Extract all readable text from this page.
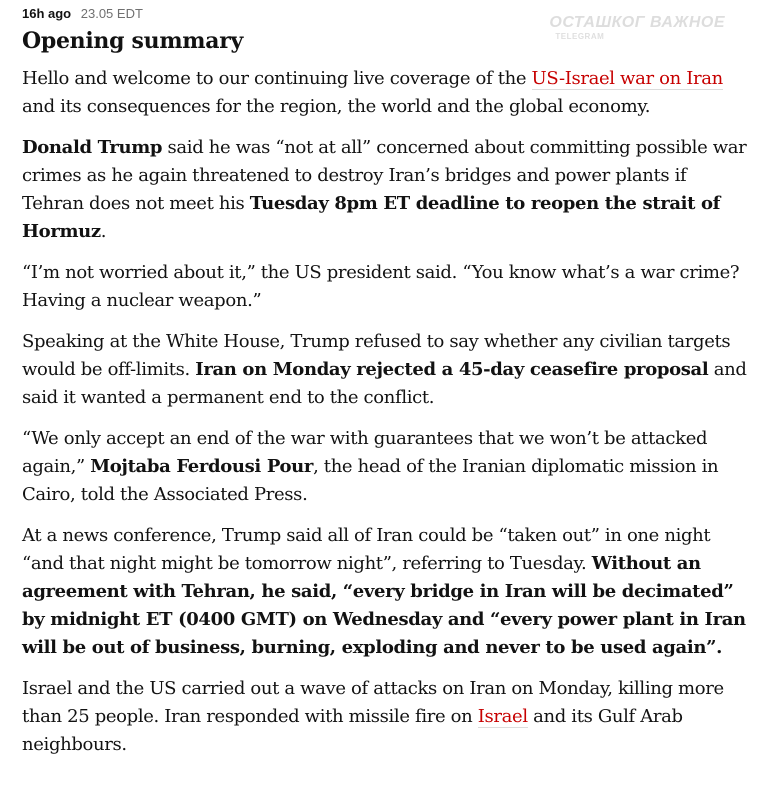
ОСТАШКОГ ВАЖНОЕ
TELEGRAM
16h ago 23.05 EDT
Opening summary

Hello and welcome to our continuing live coverage of the US-Israel war on Iran and its consequences for the region, the world and the global economy.

Donald Trump said he was “not at all” concerned about committing possible war crimes as he again threatened to destroy Iran’s bridges and power plants if Tehran does not meet his Tuesday 8pm ET deadline to reopen the strait of Hormuz.

“I’m not worried about it,” the US president said. “You know what’s a war crime? Having a nuclear weapon.”

Speaking at the White House, Trump refused to say whether any civilian targets would be off-limits. Iran on Monday rejected a 45-day ceasefire proposal and said it wanted a permanent end to the conflict.

“We only accept an end of the war with guarantees that we won’t be attacked again,” Mojtaba Ferdousi Pour, the head of the Iranian diplomatic mission in Cairo, told the Associated Press.

At a news conference, Trump said all of Iran could be “taken out” in one night “and that night might be tomorrow night”, referring to Tuesday. Without an agreement with Tehran, he said, “every bridge in Iran will be decimated” by midnight ET (0400 GMT) on Wednesday and “every power plant in Iran will be out of business, burning, exploding and never to be used again”.

Israel and the US carried out a wave of attacks on Iran on Monday, killing more than 25 people. Iran responded with missile fire on Israel and its Gulf Arab neighbours.
